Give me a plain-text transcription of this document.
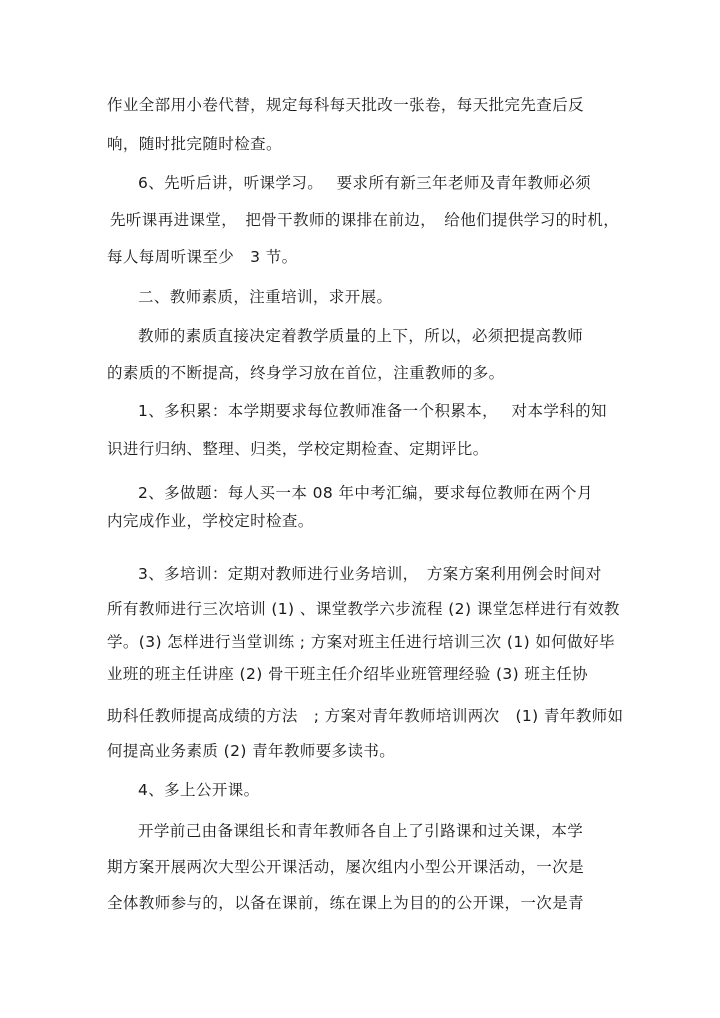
作业全部用小卷代替，规定每科每天批改一张卷，每天批完先查后反
响，随时批完随时检查。
6、先听后讲，听课学习。　 要求所有新三年老师及青年教师必须
先听课再进课堂，　把骨干教师的课排在前边，　给他们提供学习的时机，
每人每周听课至少　3 节。
二、教师素质，注重培训，求开展。
教师的素质直接决定着教学质量的上下，所以，必须把提高教师
的素质的不断提高，终身学习放在首位，注重教师的多。
1、多积累：本学期要求每位教师准备一个积累本，　 对本学科的知
识进行归纳、整理、归类，学校定期检查、定期评比。
2、多做题：每人买一本 08 年中考汇编，要求每位教师在两个月
内完成作业，学校定时检查。
3、多培训：定期对教师进行业务培训，　方案方案利用例会时间对
所有教师进行三次培训 (1) 、课堂教学六步流程 (2) 课堂怎样进行有效教
学。(3) 怎样进行当堂训练 ; 方案对班主任进行培训三次 (1) 如何做好毕
业班的班主任讲座 (2) 骨干班主任介绍毕业班管理经验 (3) 班主任协
助科任教师提高成绩的方法　; 方案对青年教师培训两次　(1) 青年教师如
何提高业务素质 (2) 青年教师要多读书。
4、多上公开课。
开学前己由备课组长和青年教师各自上了引路课和过关课，本学
期方案开展两次大型公开课活动，屡次组内小型公开课活动，一次是
全体教师参与的，以备在课前，练在课上为目的的公开课，一次是青
